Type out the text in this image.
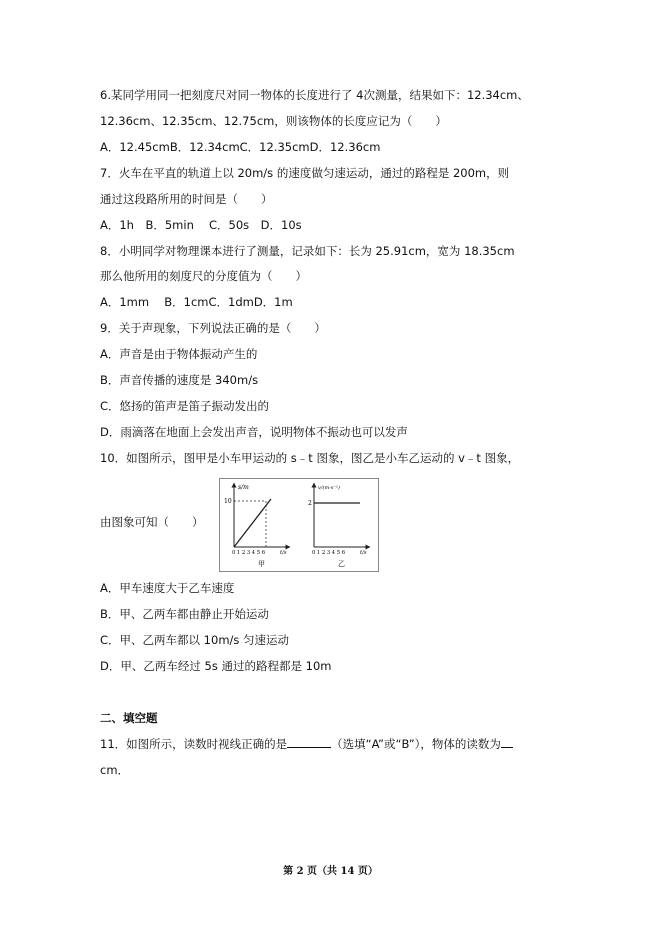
6.某同学用同一把刻度尺对同一物体的长度进行了 4次测量，结果如下：12.34cm、
12.36cm、12.35cm、12.75cm，则该物体的长度应记为（　　）
A．12.45cmB．12.34cmC．12.35cmD．12.36cm
7．火车在平直的轨道上以 20m/s 的速度做匀速运动，通过的路程是 200m，则
通过这段路所用的时间是（　　）
A．1h　B．5min　 C．50s　D．10s
8．小明同学对物理课本进行了测量，记录如下：长为 25.91cm，宽为 18.35cm
那么他所用的刻度尺的分度值为（　　）
A．1mm　 B．1cmC．1dmD．1m
9．关于声现象，下列说法正确的是（　　）
A．声音是由于物体振动产生的
B．声音传播的速度是 340m/s
C．悠扬的笛声是笛子振动发出的
D．雨滴落在地面上会发出声音，说明物体不振动也可以发声
10．如图所示，图甲是小车甲运动的 s﹣t 图象，图乙是小车乙运动的 v﹣t 图象，
由图象可知（　　）
s/m
10
0 1 2 3 4 5 6	t/s
甲
v/(m·s⁻¹)
2
0 1 2 3 4 5 6	t/s
乙
A．甲车速度大于乙车速度
B．甲、乙两车都由静止开始运动
C．甲、乙两车都以 10m/s 匀速运动
D．甲、乙两车经过 5s 通过的路程都是 10m
二、填空题
11．如图所示，读数时视线正确的是	（选填“A”或“B”），物体的读数为
cm．
第 2 页（共 14 页）
